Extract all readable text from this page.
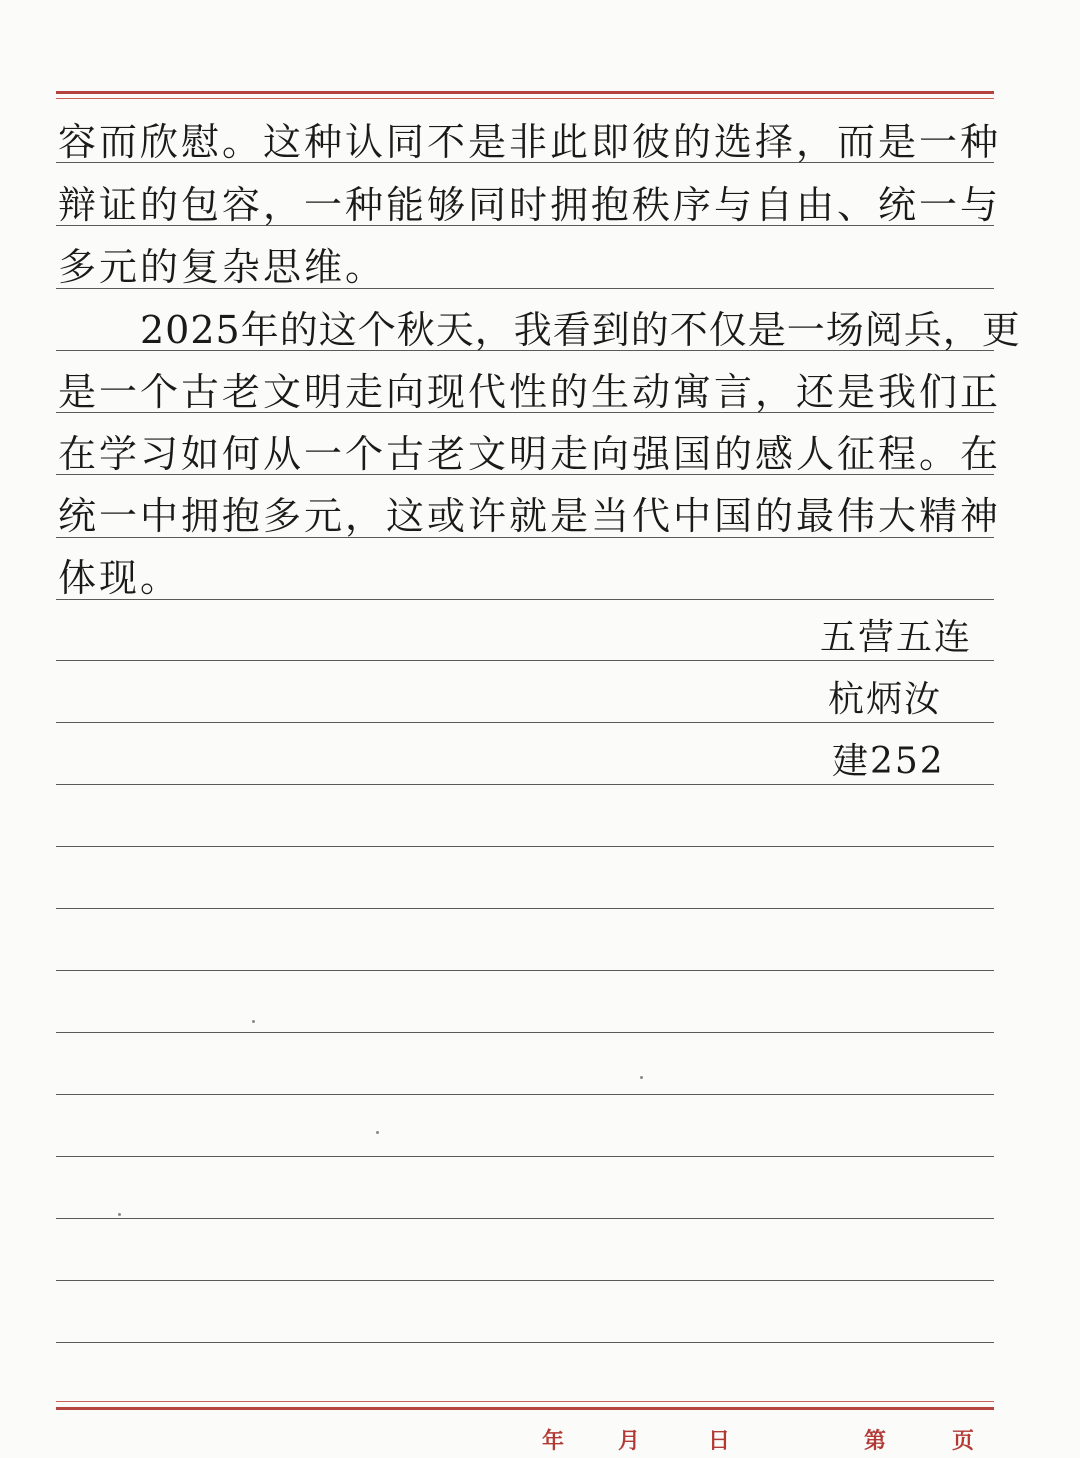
容而欣慰。这种认同不是非此即彼的选择，而是一种
辩证的包容，一种能够同时拥抱秩序与自由、统一与
多元的复杂思维。
2025年的这个秋天，我看到的不仅是一场阅兵，更
是一个古老文明走向现代性的生动寓言，还是我们正
在学习如何从一个古老文明走向强国的感人征程。在
统一中拥抱多元，这或许就是当代中国的最伟大精神
体现。
五营五连
杭炳汝
建252
年 月	日	第	页
